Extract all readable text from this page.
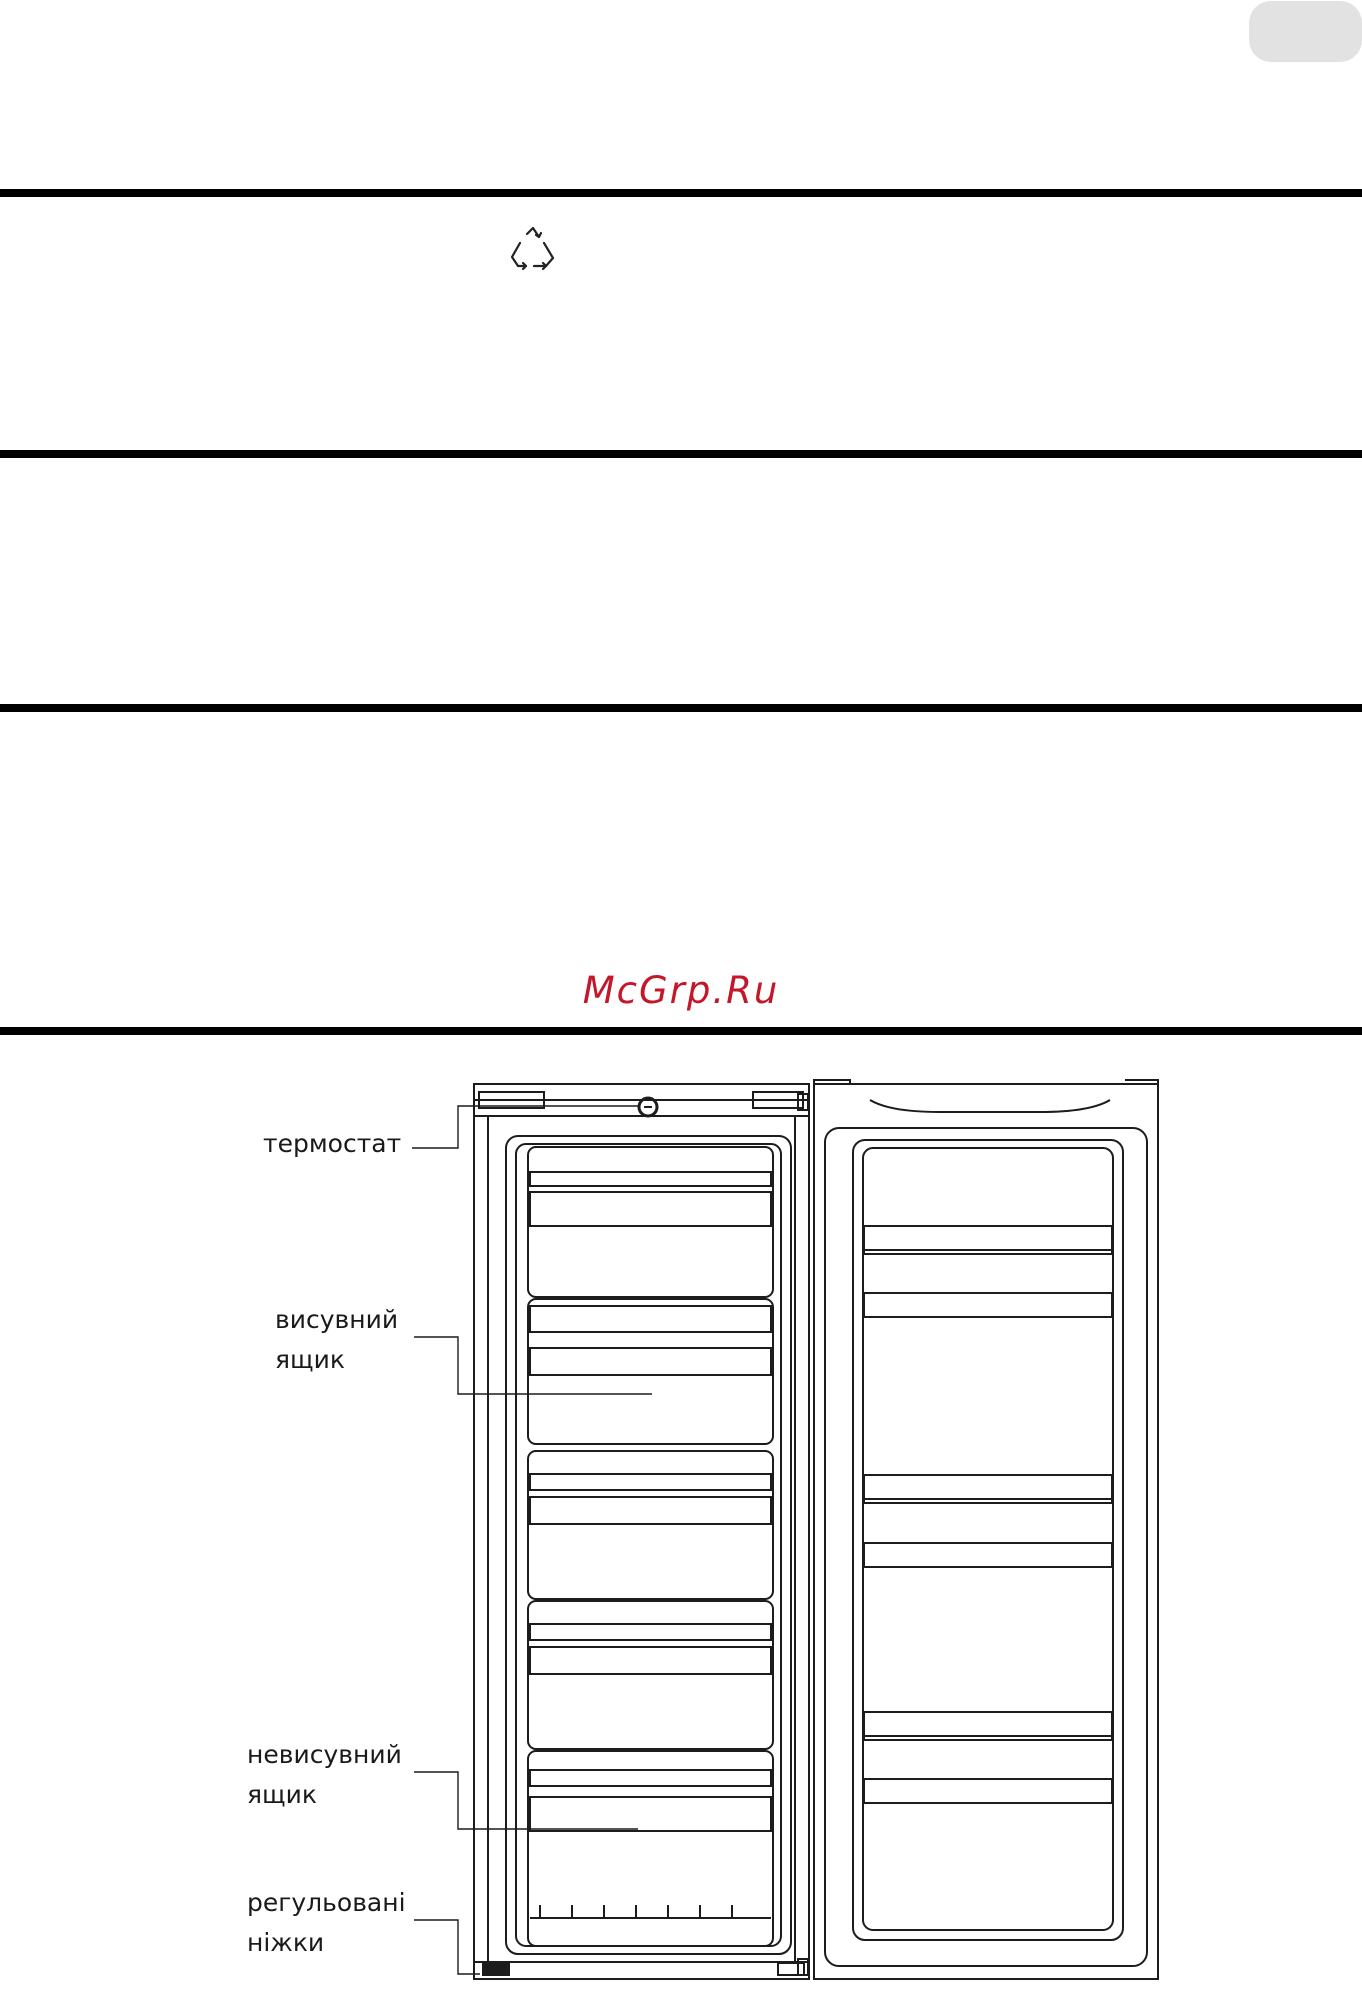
McGrp.Ru
термостат
висувний
ящик
невисувний
ящик
регульовані
ніжки
